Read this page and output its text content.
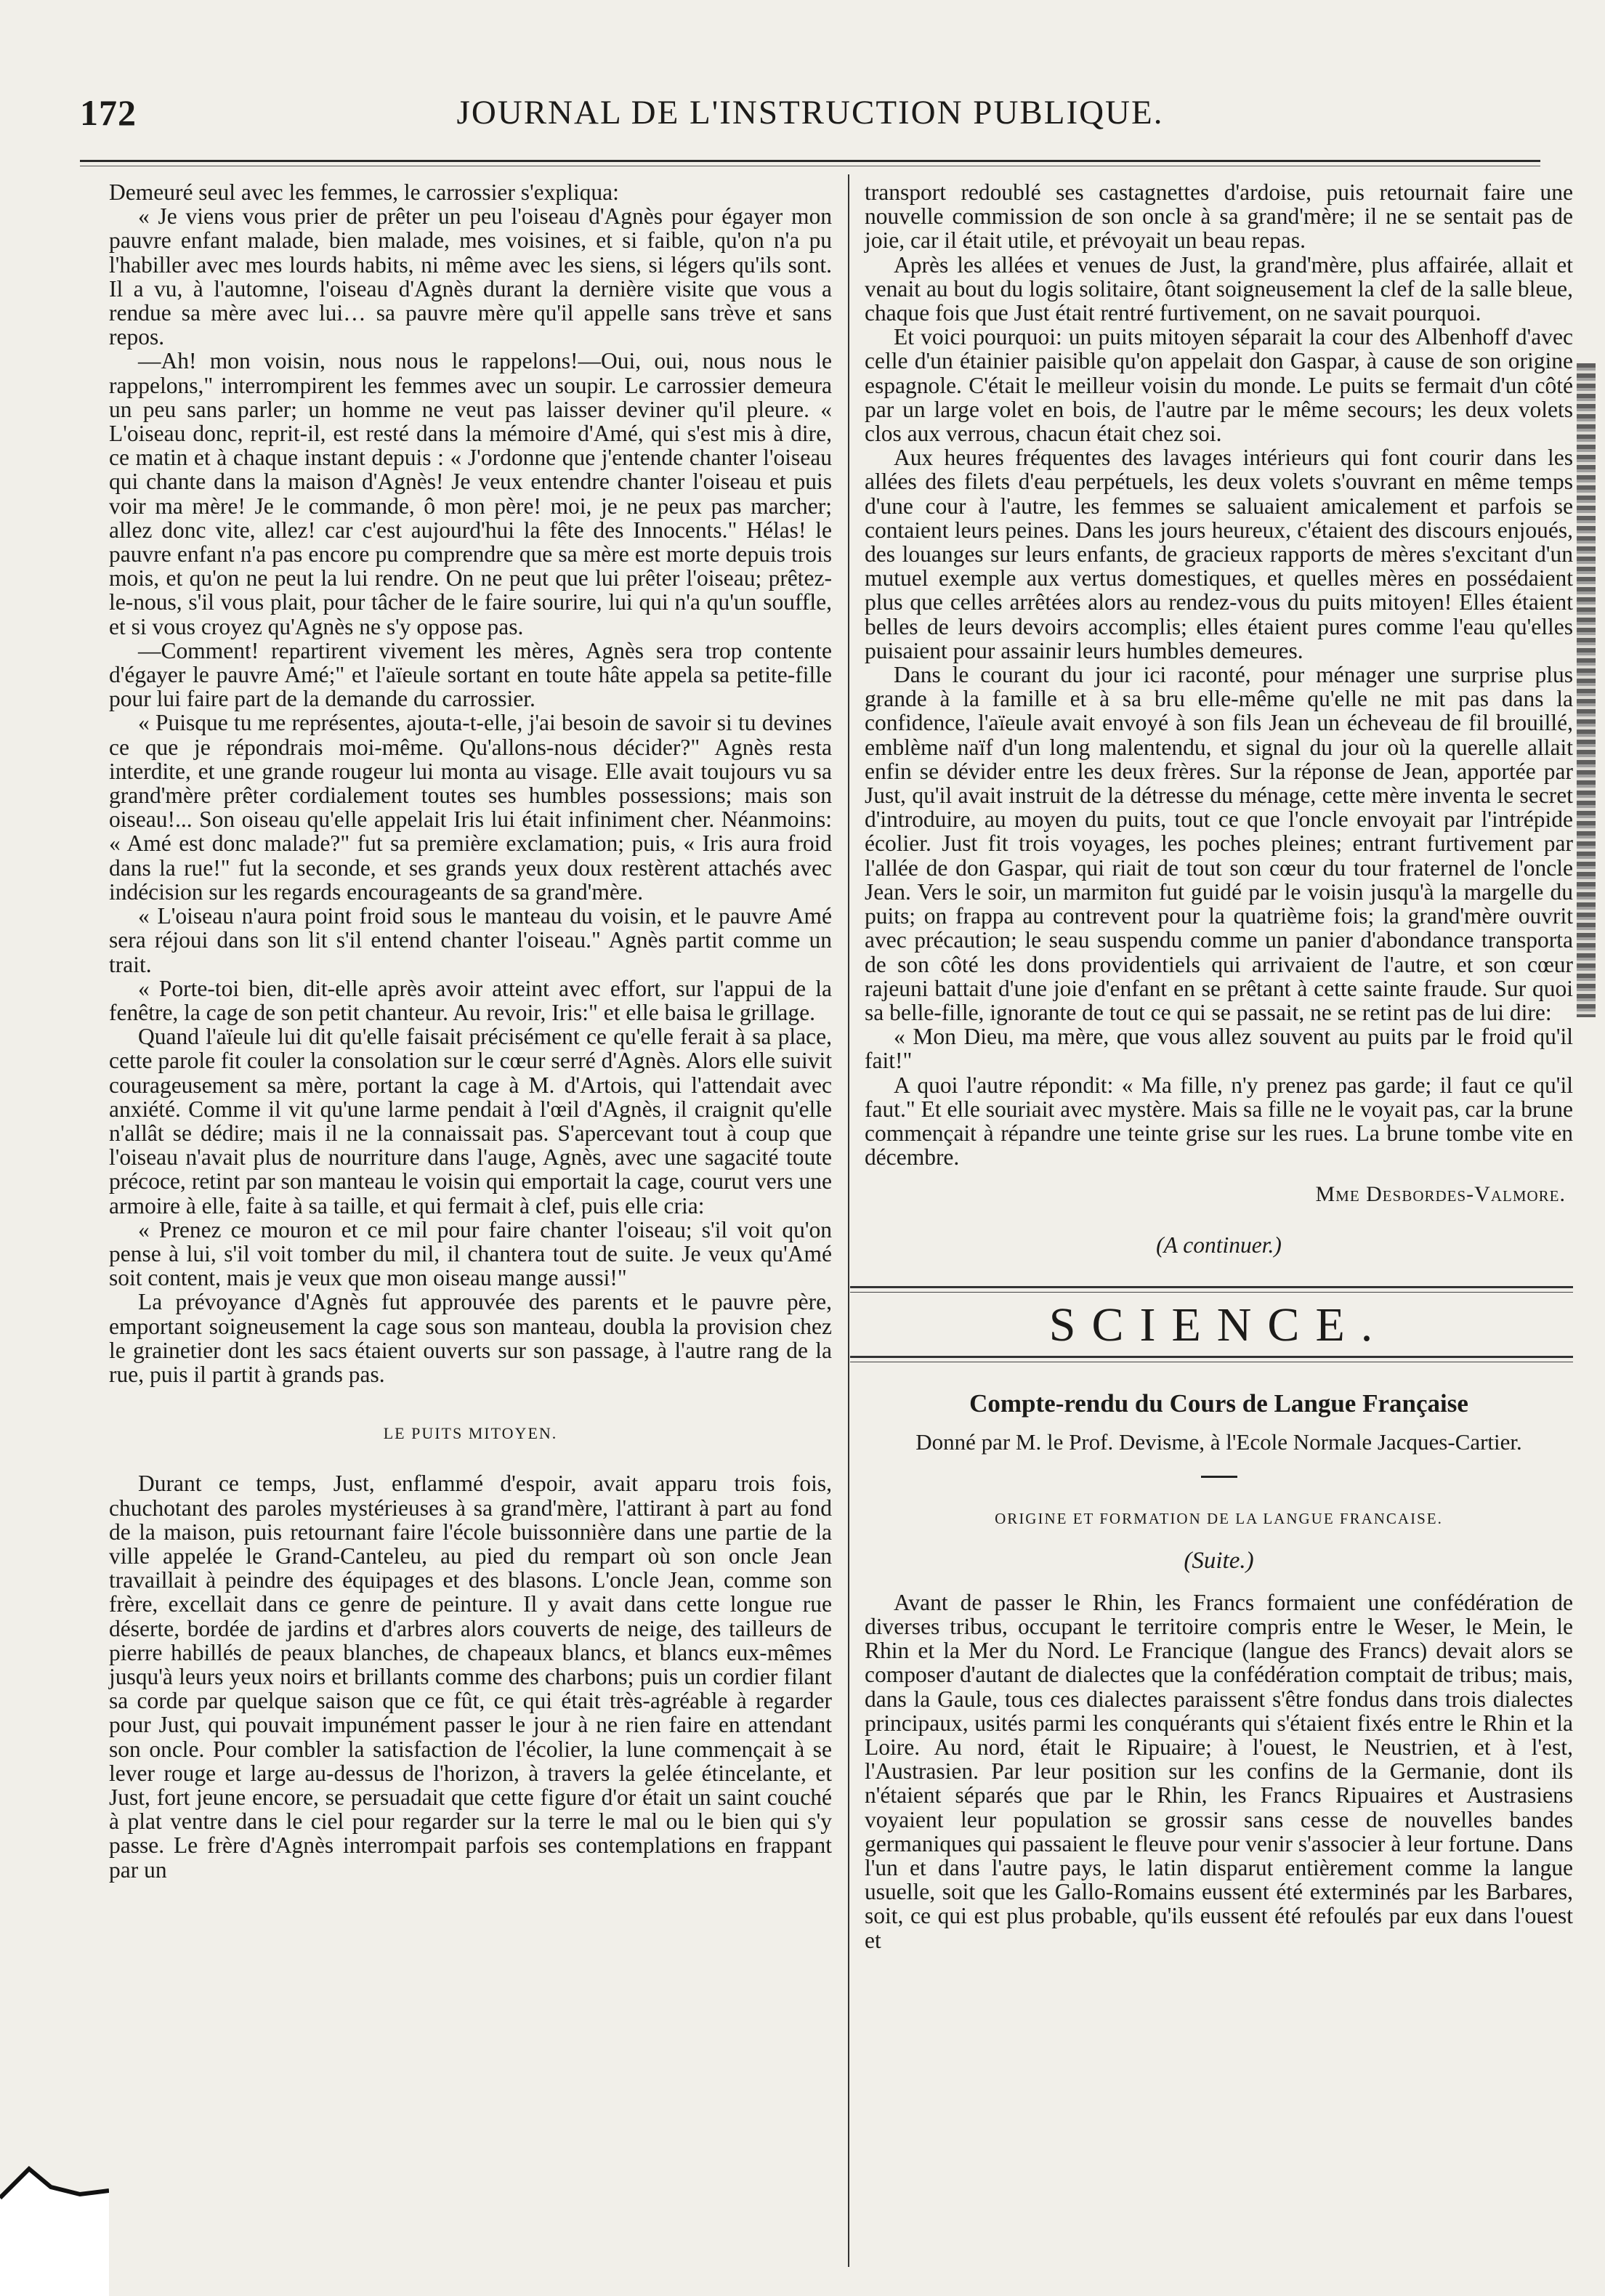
172	JOURNAL DE L'INSTRUCTION PUBLIQUE.

Demeuré seul avec les femmes, le carrossier s'expliqua:

« Je viens vous prier de prêter un peu l'oiseau d'Agnès pour égayer mon pauvre enfant malade, bien malade, mes voisines, et si faible, qu'on n'a pu l'habiller avec mes lourds habits, ni même avec les siens, si légers qu'ils sont. Il a vu, à l'automne, l'oiseau d'Agnès durant la dernière visite que vous a rendue sa mère avec lui… sa pauvre mère qu'il appelle sans trève et sans repos.

—Ah! mon voisin, nous nous le rappelons!—Oui, oui, nous nous le rappelons," interrompirent les femmes avec un soupir. Le carrossier demeura un peu sans parler; un homme ne veut pas laisser deviner qu'il pleure. « L'oiseau donc, reprit-il, est resté dans la mémoire d'Amé, qui s'est mis à dire, ce matin et à chaque instant depuis : « J'ordonne que j'entende chanter l'oiseau qui chante dans la maison d'Agnès! Je veux entendre chanter l'oiseau et puis voir ma mère! Je le commande, ô mon père! moi, je ne peux pas marcher; allez donc vite, allez! car c'est aujourd'hui la fête des Innocents." Hélas! le pauvre enfant n'a pas encore pu comprendre que sa mère est morte depuis trois mois, et qu'on ne peut la lui rendre. On ne peut que lui prêter l'oiseau; prêtez-le-nous, s'il vous plait, pour tâcher de le faire sourire, lui qui n'a qu'un souffle, et si vous croyez qu'Agnès ne s'y oppose pas.

—Comment! repartirent vivement les mères, Agnès sera trop contente d'égayer le pauvre Amé;" et l'aïeule sortant en toute hâte appela sa petite-fille pour lui faire part de la demande du carrossier.

« Puisque tu me représentes, ajouta-t-elle, j'ai besoin de savoir si tu devines ce que je répondrais moi-même. Qu'allons-nous décider?" Agnès resta interdite, et une grande rougeur lui monta au visage. Elle avait toujours vu sa grand'mère prêter cordialement toutes ses humbles possessions; mais son oiseau!... Son oiseau qu'elle appelait Iris lui était infiniment cher. Néanmoins: « Amé est donc malade?" fut sa première exclamation; puis, « Iris aura froid dans la rue!" fut la seconde, et ses grands yeux doux restèrent attachés avec indécision sur les regards encourageants de sa grand'mère.

« L'oiseau n'aura point froid sous le manteau du voisin, et le pauvre Amé sera réjoui dans son lit s'il entend chanter l'oiseau." Agnès partit comme un trait.

« Porte-toi bien, dit-elle après avoir atteint avec effort, sur l'appui de la fenêtre, la cage de son petit chanteur. Au revoir, Iris:" et elle baisa le grillage.

Quand l'aïeule lui dit qu'elle faisait précisément ce qu'elle ferait à sa place, cette parole fit couler la consolation sur le cœur serré d'Agnès. Alors elle suivit courageusement sa mère, portant la cage à M. d'Artois, qui l'attendait avec anxiété. Comme il vit qu'une larme pendait à l'œil d'Agnès, il craignit qu'elle n'allât se dédire; mais il ne la connaissait pas. S'apercevant tout à coup que l'oiseau n'avait plus de nourriture dans l'auge, Agnès, avec une sagacité toute précoce, retint par son manteau le voisin qui emportait la cage, courut vers une armoire à elle, faite à sa taille, et qui fermait à clef, puis elle cria:

« Prenez ce mouron et ce mil pour faire chanter l'oiseau; s'il voit qu'on pense à lui, s'il voit tomber du mil, il chantera tout de suite. Je veux qu'Amé soit content, mais je veux que mon oiseau mange aussi!"

La prévoyance d'Agnès fut approuvée des parents et le pauvre père, emportant soigneusement la cage sous son manteau, doubla la provision chez le grainetier dont les sacs étaient ouverts sur son passage, à l'autre rang de la rue, puis il partit à grands pas.

LE PUITS MITOYEN.

Durant ce temps, Just, enflammé d'espoir, avait apparu trois fois, chuchotant des paroles mystérieuses à sa grand'mère, l'attirant à part au fond de la maison, puis retournant faire l'école buissonnière dans une partie de la ville appelée le Grand-Canteleu, au pied du rempart où son oncle Jean travaillait à peindre des équipages et des blasons. L'oncle Jean, comme son frère, excellait dans ce genre de peinture. Il y avait dans cette longue rue déserte, bordée de jardins et d'arbres alors couverts de neige, des tailleurs de pierre habillés de peaux blanches, de chapeaux blancs, et blancs eux-mêmes jusqu'à leurs yeux noirs et brillants comme des charbons; puis un cordier filant sa corde par quelque saison que ce fût, ce qui était très-agréable à regarder pour Just, qui pouvait impunément passer le jour à ne rien faire en attendant son oncle. Pour combler la satisfaction de l'écolier, la lune commençait à se lever rouge et large au-dessus de l'horizon, à travers la gelée étincelante, et Just, fort jeune encore, se persuadait que cette figure d'or était un saint couché à plat ventre dans le ciel pour regarder sur la terre le mal ou le bien qui s'y passe. Le frère d'Agnès interrompait parfois ses contemplations en frappant par un

transport redoublé ses castagnettes d'ardoise, puis retournait faire une nouvelle commission de son oncle à sa grand'mère; il ne se sentait pas de joie, car il était utile, et prévoyait un beau repas.

Après les allées et venues de Just, la grand'mère, plus affairée, allait et venait au bout du logis solitaire, ôtant soigneusement la clef de la salle bleue, chaque fois que Just était rentré furtivement, on ne savait pourquoi.

Et voici pourquoi: un puits mitoyen séparait la cour des Albenhoff d'avec celle d'un étainier paisible qu'on appelait don Gaspar, à cause de son origine espagnole. C'était le meilleur voisin du monde. Le puits se fermait d'un côté par un large volet en bois, de l'autre par le même secours; les deux volets clos aux verrous, chacun était chez soi.

Aux heures fréquentes des lavages intérieurs qui font courir dans les allées des filets d'eau perpétuels, les deux volets s'ouvrant en même temps d'une cour à l'autre, les femmes se saluaient amicalement et parfois se contaient leurs peines. Dans les jours heureux, c'étaient des discours enjoués, des louanges sur leurs enfants, de gracieux rapports de mères s'excitant d'un mutuel exemple aux vertus domestiques, et quelles mères en possédaient plus que celles arrêtées alors au rendez-vous du puits mitoyen! Elles étaient belles de leurs devoirs accomplis; elles étaient pures comme l'eau qu'elles puisaient pour assainir leurs humbles demeures.

Dans le courant du jour ici raconté, pour ménager une surprise plus grande à la famille et à sa bru elle-même qu'elle ne mit pas dans la confidence, l'aïeule avait envoyé à son fils Jean un écheveau de fil brouillé, emblème naïf d'un long malentendu, et signal du jour où la querelle allait enfin se dévider entre les deux frères. Sur la réponse de Jean, apportée par Just, qu'il avait instruit de la détresse du ménage, cette mère inventa le secret d'introduire, au moyen du puits, tout ce que l'oncle envoyait par l'intrépide écolier. Just fit trois voyages, les poches pleines; entrant furtivement par l'allée de don Gaspar, qui riait de tout son cœur du tour fraternel de l'oncle Jean. Vers le soir, un marmiton fut guidé par le voisin jusqu'à la margelle du puits; on frappa au contrevent pour la quatrième fois; la grand'mère ouvrit avec précaution; le seau suspendu comme un panier d'abondance transporta de son côté les dons providentiels qui arrivaient de l'autre, et son cœur rajeuni battait d'une joie d'enfant en se prêtant à cette sainte fraude. Sur quoi sa belle-fille, ignorante de tout ce qui se passait, ne se retint pas de lui dire:

« Mon Dieu, ma mère, que vous allez souvent au puits par le froid qu'il fait!"

A quoi l'autre répondit: « Ma fille, n'y prenez pas garde; il faut ce qu'il faut." Et elle souriait avec mystère. Mais sa fille ne le voyait pas, car la brune commençait à répandre une teinte grise sur les rues. La brune tombe vite en décembre.

Mme Desbordes-Valmore.
(A continuer.)
SCIENCE.
Compte-rendu du Cours de Langue Française
Donné par M. le Prof. Devisme, à l'Ecole Normale Jacques-Cartier.
ORIGINE ET FORMATION DE LA LANGUE FRANCAISE.
(Suite.)

Avant de passer le Rhin, les Francs formaient une confédération de diverses tribus, occupant le territoire compris entre le Weser, le Mein, le Rhin et la Mer du Nord. Le Francique (langue des Francs) devait alors se composer d'autant de dialectes que la confédération comptait de tribus; mais, dans la Gaule, tous ces dialectes paraissent s'être fondus dans trois dialectes principaux, usités parmi les conquérants qui s'étaient fixés entre le Rhin et la Loire. Au nord, était le Ripuaire; à l'ouest, le Neustrien, et à l'est, l'Austrasien. Par leur position sur les confins de la Germanie, dont ils n'étaient séparés que par le Rhin, les Francs Ripuaires et Austrasiens voyaient leur population se grossir sans cesse de nouvelles bandes germaniques qui passaient le fleuve pour venir s'associer à leur fortune. Dans l'un et dans l'autre pays, le latin disparut entièrement comme la langue usuelle, soit que les Gallo-Romains eussent été exterminés par les Barbares, soit, ce qui est plus probable, qu'ils eussent été refoulés par eux dans l'ouest et
